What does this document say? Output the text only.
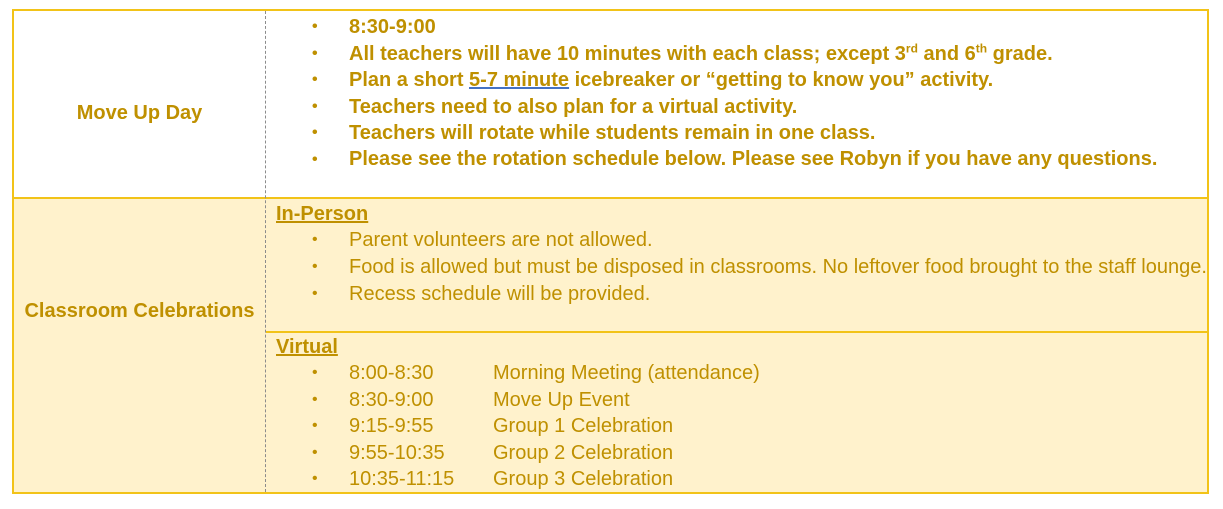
Move Up Day
• 8:30-9:00
• All teachers will have 10 minutes with each class; except 3rd and 6th grade.
• Plan a short 5-7 minute icebreaker or “getting to know you” activity.
• Teachers need to also plan for a virtual activity.
• Teachers will rotate while students remain in one class.
• Please see the rotation schedule below. Please see Robyn if you have any questions.
Classroom Celebrations
In-Person
• Parent volunteers are not allowed.
• Food is allowed but must be disposed in classrooms. No leftover food brought to the staff lounge.
• Recess schedule will be provided.
Virtual
• 8:00-8:30	Morning Meeting (attendance)
• 8:30-9:00	Move Up Event
• 9:15-9:55	Group 1 Celebration
• 9:55-10:35 Group 2 Celebration
• 10:35-11:15 Group 3 Celebration
